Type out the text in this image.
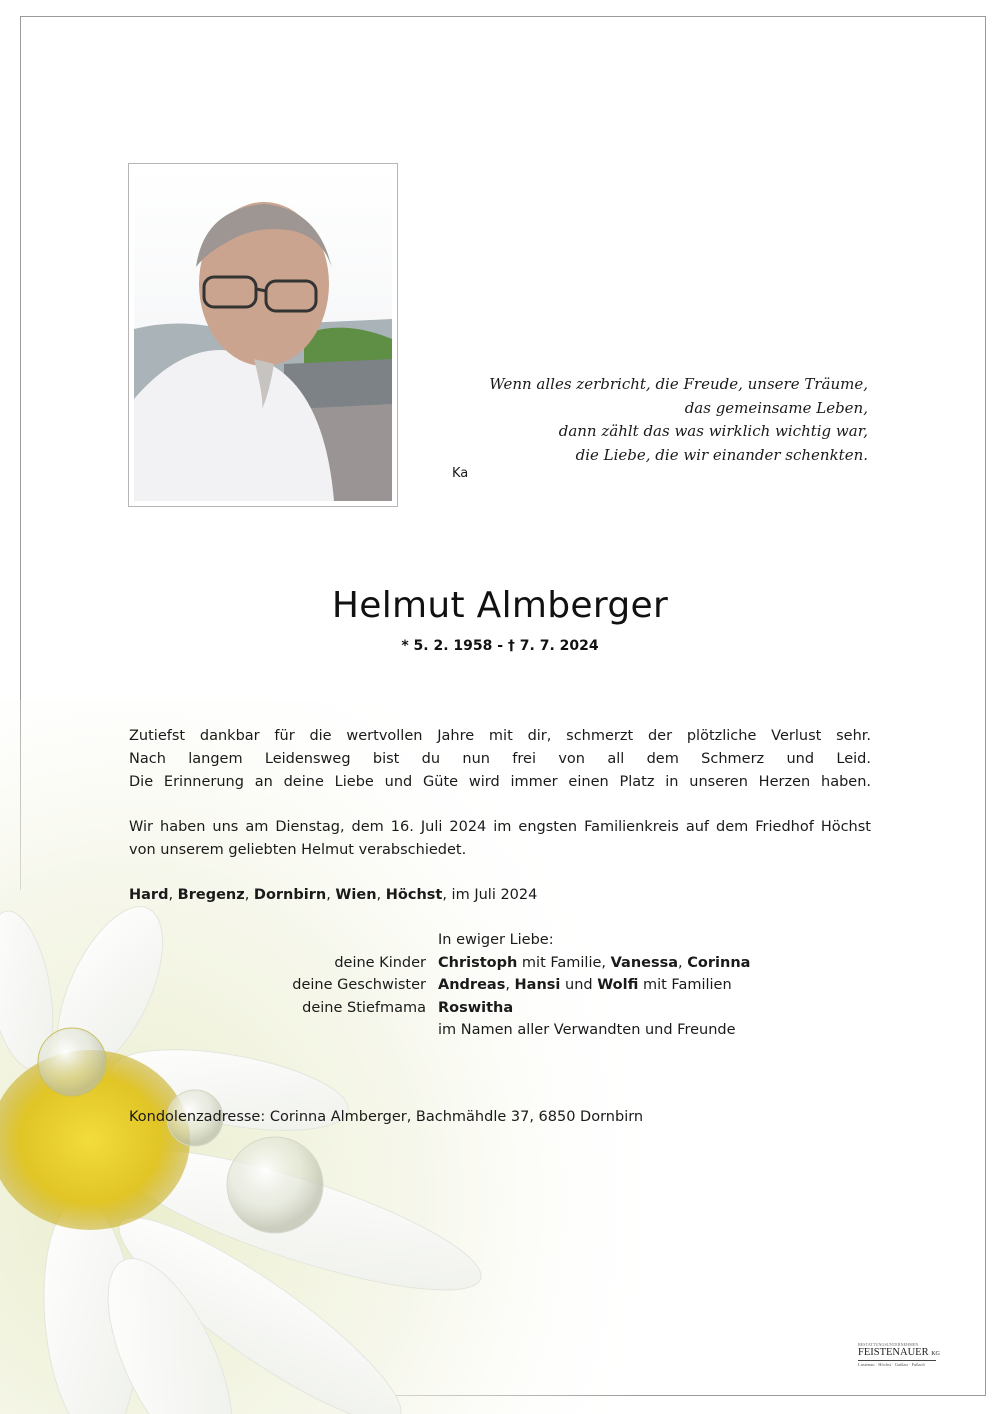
Wenn alles zerbricht, die Freude, unsere Träume,
das gemeinsame Leben,
dann zählt das was wirklich wichtig war,
die Liebe, die wir einander schenkten.
Ka
Helmut Almberger
* 5. 2. 1958 - † 7. 7. 2024

Zutiefst dankbar für die wertvollen Jahre mit dir, schmerzt der plötzliche Verlust sehr.

Nach langem Leidensweg bist du nun frei von all dem Schmerz und Leid.

Die Erinnerung an deine Liebe und Güte wird immer einen Platz in unseren Herzen haben.

Wir haben uns am Dienstag, dem 16. Juli 2024 im engsten Familienkreis auf dem Friedhof Höchst

von unserem geliebten Helmut verabschiedet.

Hard, Bregenz, Dornbirn, Wien, Höchst, im Juli 2024
In ewiger Liebe:
deine Kinder Christoph mit Familie, Vanessa, Corinna
deine Geschwister Andreas, Hansi und Wolfi mit Familien
deine Stiefmama Roswitha
im Namen aller Verwandten und Freunde
Kondolenzadresse: Corinna Almberger, Bachmähdle 37, 6850 Dornbirn
BESTATTUNGSUNTERNEHMEN
FEISTENAUER KG
Lustenau · Höchst · Gaißau · Fußach
